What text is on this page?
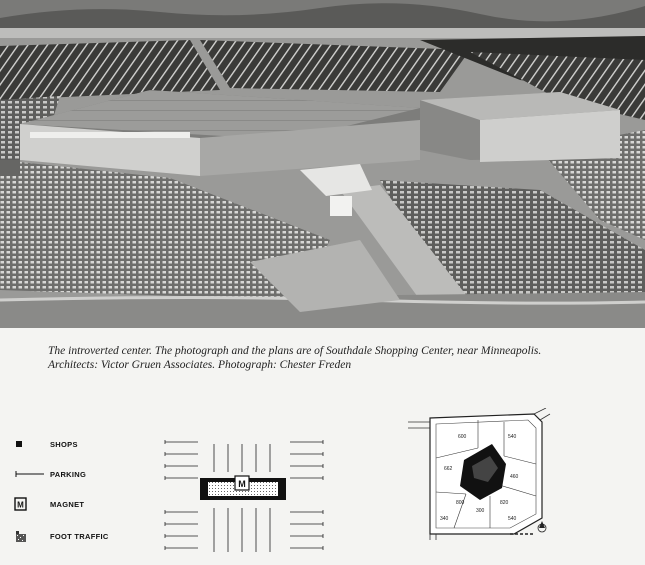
The introverted center. The photograph and the plans are of Southdale Shopping Center, near Minneapolis.
Architects: Victor Gruen Associates. Photograph: Chester Freden
SHOPS
PARKING
M	MAGNET
FOOT TRAFFIC
M
600	540
662
460
800
300
820
540
340
